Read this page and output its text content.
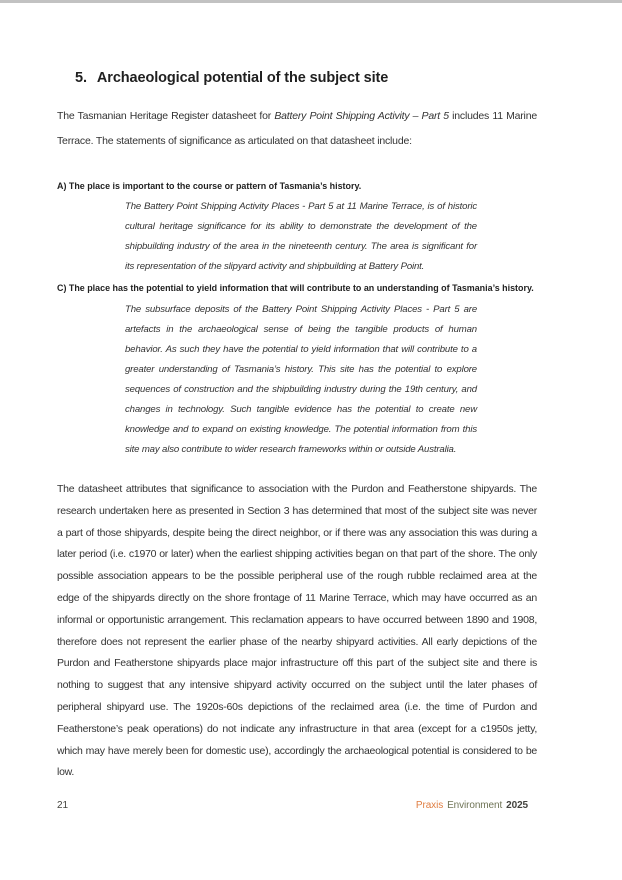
5. Archaeological potential of the subject site

The Tasmanian Heritage Register datasheet for Battery Point Shipping Activity – Part 5 includes 11 Marine Terrace. The statements of significance as articulated on that datasheet include:

A) The place is important to the course or pattern of Tasmania’s history.

The Battery Point Shipping Activity Places - Part 5 at 11 Marine Terrace, is of historic cultural heritage significance for its ability to demonstrate the development of the shipbuilding industry of the area in the nineteenth century. The area is significant for its representation of the slipyard activity and shipbuilding at Battery Point.

C) The place has the potential to yield information that will contribute to an understanding of Tasmania’s history.

The subsurface deposits of the Battery Point Shipping Activity Places - Part 5 are artefacts in the archaeological sense of being the tangible products of human behavior. As such they have the potential to yield information that will contribute to a greater understanding of Tasmania’s history. This site has the potential to explore sequences of construction and the shipbuilding industry during the 19th century, and changes in technology. Such tangible evidence has the potential to create new knowledge and to expand on existing knowledge. The potential information from this site may also contribute to wider research frameworks within or outside Australia.

The datasheet attributes that significance to association with the Purdon and Featherstone shipyards. The research undertaken here as presented in Section 3 has determined that most of the subject site was never a part of those shipyards, despite being the direct neighbor, or if there was any association this was during a later period (i.e. c1970 or later) when the earliest shipping activities began on that part of the shore. The only possible association appears to be the possible peripheral use of the rough rubble reclaimed area at the edge of the shipyards directly on the shore frontage of 11 Marine Terrace, which may have occurred as an informal or opportunistic arrangement. This reclamation appears to have occurred between 1890 and 1908, therefore does not represent the earlier phase of the nearby shipyard activities. All early depictions of the Purdon and Featherstone shipyards place major infrastructure off this part of the subject site and there is nothing to suggest that any intensive shipyard activity occurred on the subject until the later phases of peripheral shipyard use. The 1920s-60s depictions of the reclaimed area (i.e. the time of Purdon and Featherstone’s peak operations) do not indicate any infrastructure in that area (except for a c1950s jetty, which may have merely been for domestic use), accordingly the archaeological potential is considered to be low.

21	Praxis Environment 2025
